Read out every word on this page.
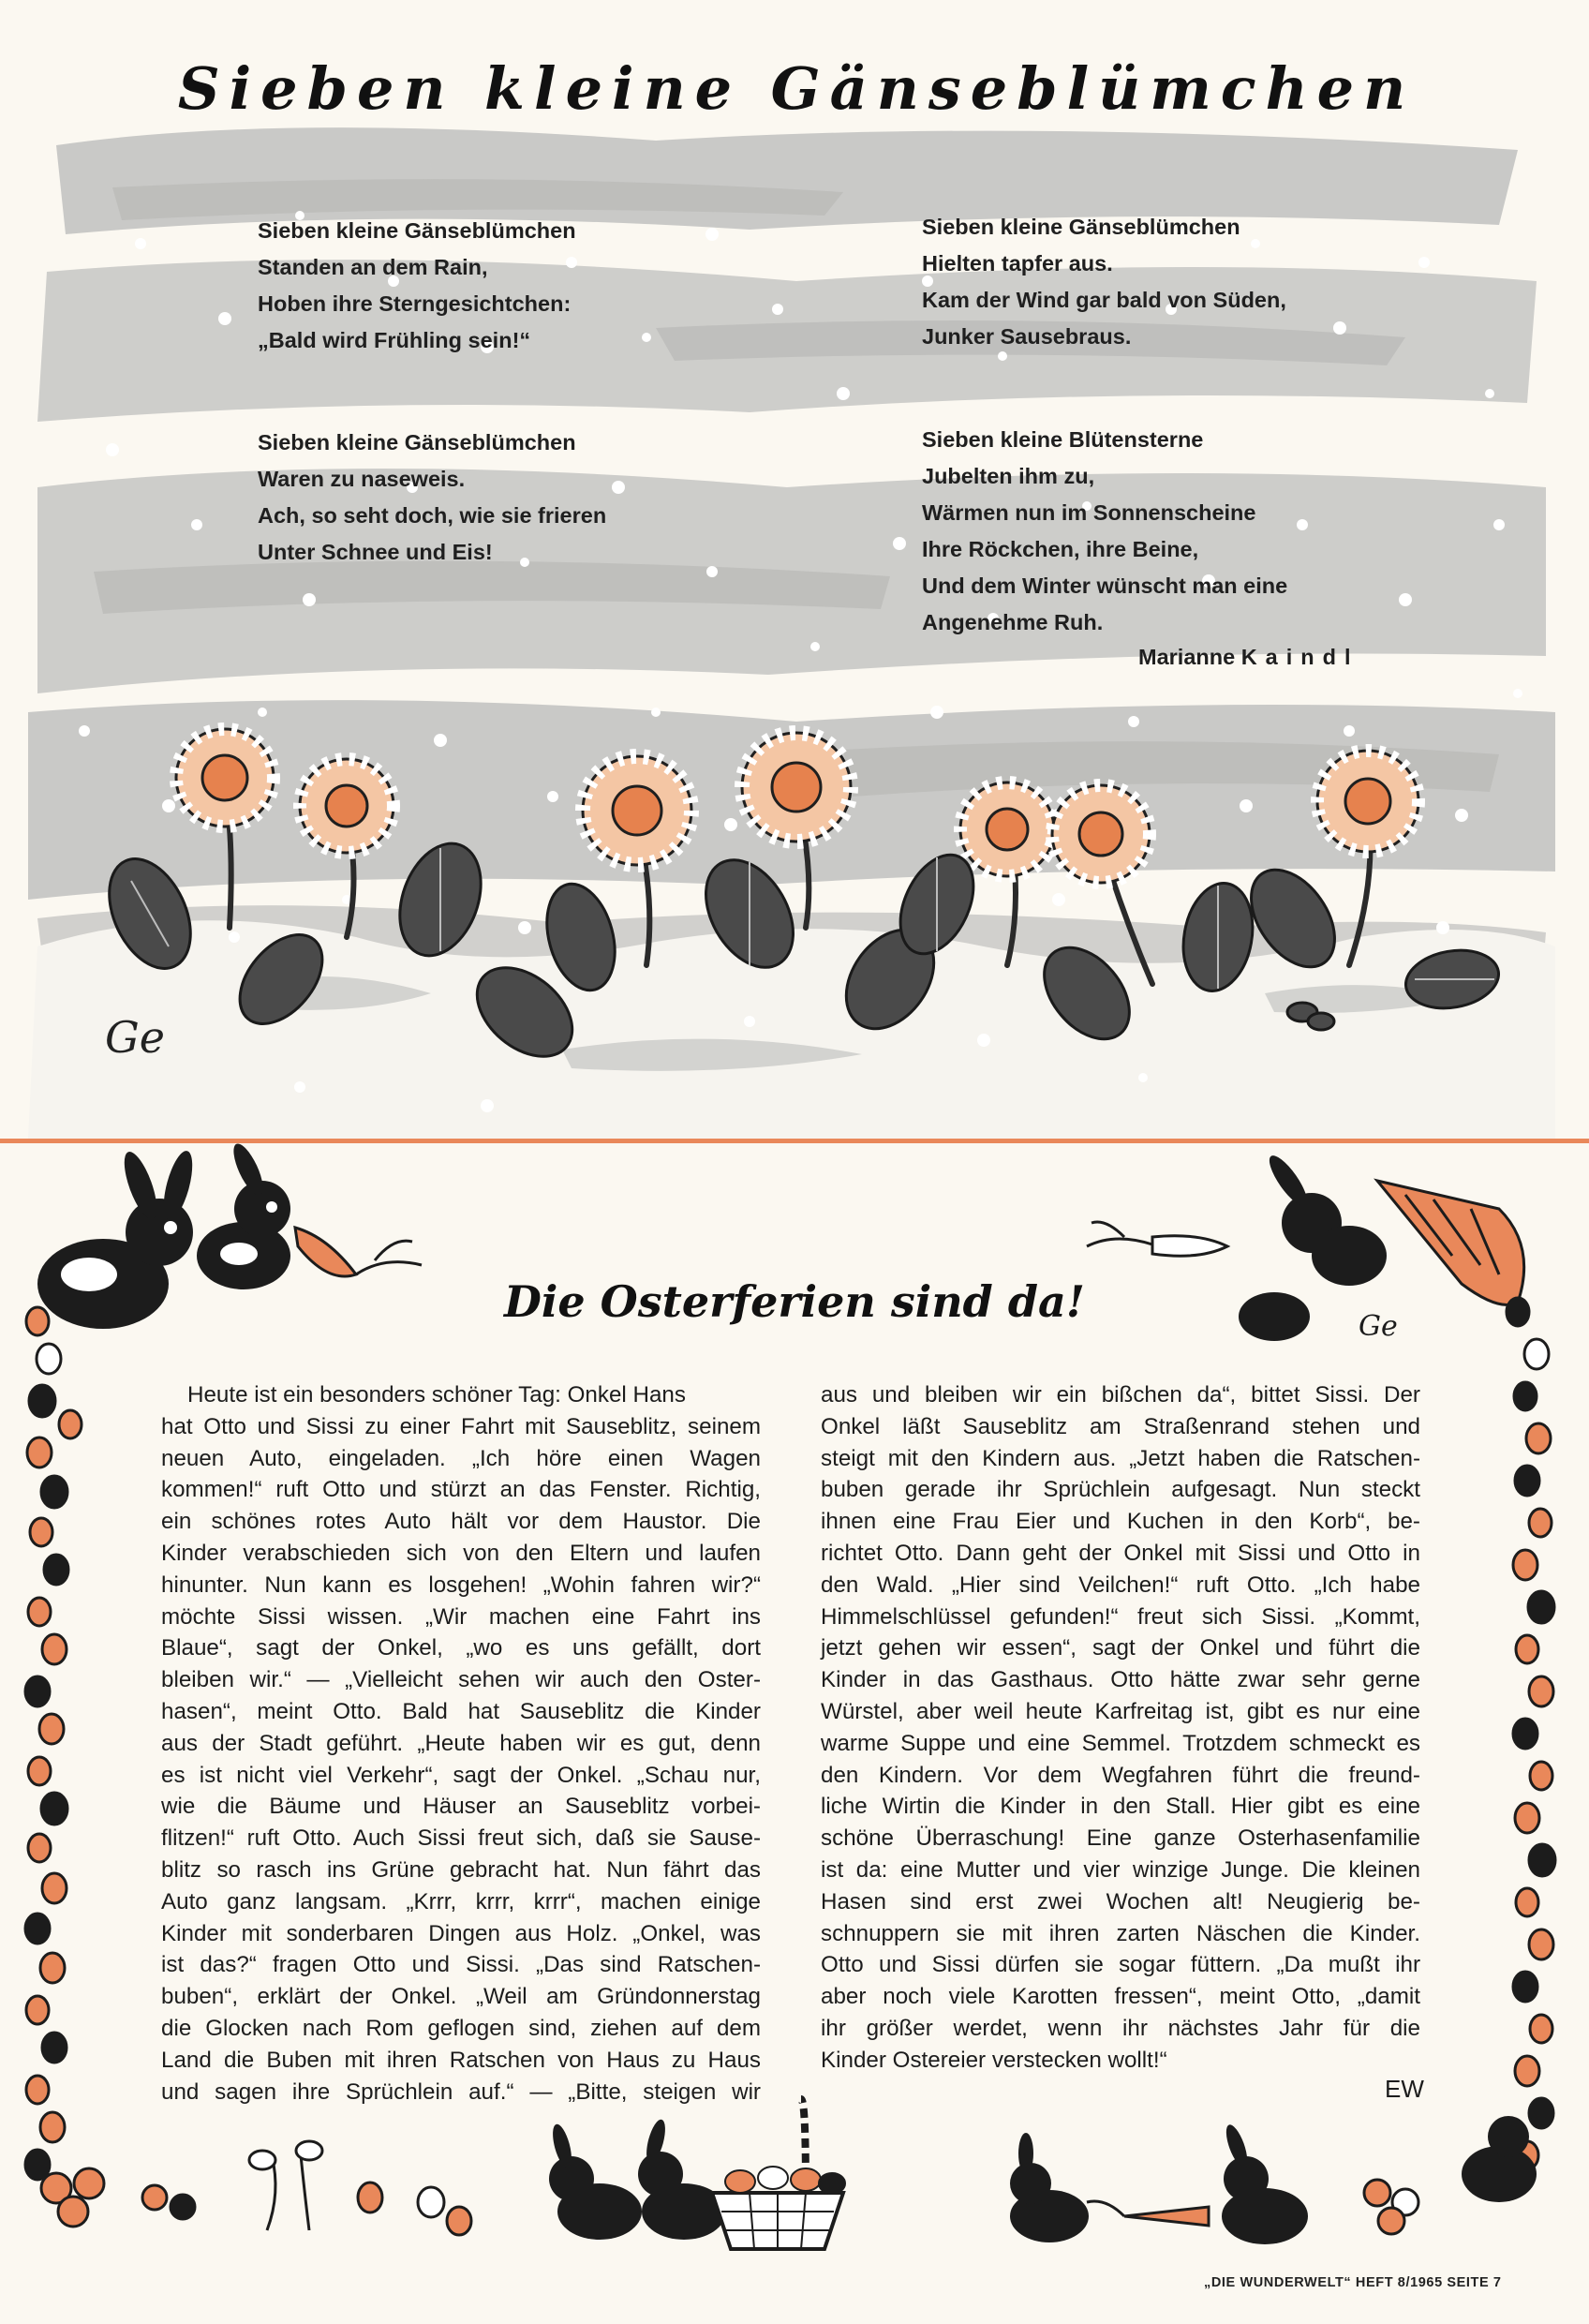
Sieben kleine Gänseblümchen
Sieben kleine Gänseblümchen
Standen an dem Rain,
Hoben ihre Sterngesichtchen:
„Bald wird Frühling sein!“
Sieben kleine Gänseblümchen
Waren zu naseweis.
Ach, so seht doch, wie sie frieren
Unter Schnee und Eis!
Sieben kleine Gänseblümchen
Hielten tapfer aus.
Kam der Wind gar bald von Süden,
Junker Sausebraus.
Sieben kleine Blütensterne
Jubelten ihm zu,
Wärmen nun im Sonnenscheine
Ihre Röckchen, ihre Beine,
Und dem Winter wünscht man eine
Angenehme Ruh.
Marianne Kaindl
Ge
Ge
Die Osterferien sind da!
Heute ist ein besonders schöner Tag: Onkel Hans
hat Otto und Sissi zu einer Fahrt mit Sauseblitz, seinem
neuen Auto, eingeladen. „Ich höre einen Wagen
kommen!“ ruft Otto und stürzt an das Fenster. Richtig,
ein schönes rotes Auto hält vor dem Haustor. Die
Kinder verabschieden sich von den Eltern und laufen
hinunter. Nun kann es losgehen! „Wohin fahren wir?“
möchte Sissi wissen. „Wir machen eine Fahrt ins
Blaue“, sagt der Onkel, „wo es uns gefällt, dort
bleiben wir.“ — „Vielleicht sehen wir auch den Oster-
hasen“, meint Otto. Bald hat Sauseblitz die Kinder
aus der Stadt geführt. „Heute haben wir es gut, denn
es ist nicht viel Verkehr“, sagt der Onkel. „Schau nur,
wie die Bäume und Häuser an Sauseblitz vorbei-
flitzen!“ ruft Otto. Auch Sissi freut sich, daß sie Sause-
blitz so rasch ins Grüne gebracht hat. Nun fährt das
Auto ganz langsam. „Krrr, krrr, krrr“, machen einige
Kinder mit sonderbaren Dingen aus Holz. „Onkel, was
ist das?“ fragen Otto und Sissi. „Das sind Ratschen-
buben“, erklärt der Onkel. „Weil am Gründonnerstag
die Glocken nach Rom geflogen sind, ziehen auf dem
Land die Buben mit ihren Ratschen von Haus zu Haus
und sagen ihre Sprüchlein auf.“ — „Bitte, steigen wir
aus und bleiben wir ein bißchen da“, bittet Sissi. Der
Onkel läßt Sauseblitz am Straßenrand stehen und
steigt mit den Kindern aus. „Jetzt haben die Ratschen-
buben gerade ihr Sprüchlein aufgesagt. Nun steckt
ihnen eine Frau Eier und Kuchen in den Korb“, be-
richtet Otto. Dann geht der Onkel mit Sissi und Otto in
den Wald. „Hier sind Veilchen!“ ruft Otto. „Ich habe
Himmelschlüssel gefunden!“ freut sich Sissi. „Kommt,
jetzt gehen wir essen“, sagt der Onkel und führt die
Kinder in das Gasthaus. Otto hätte zwar sehr gerne
Würstel, aber weil heute Karfreitag ist, gibt es nur eine
warme Suppe und eine Semmel. Trotzdem schmeckt es
den Kindern. Vor dem Wegfahren führt die freund-
liche Wirtin die Kinder in den Stall. Hier gibt es eine
schöne Überraschung! Eine ganze Osterhasenfamilie
ist da: eine Mutter und vier winzige Junge. Die kleinen
Hasen sind erst zwei Wochen alt! Neugierig be-
schnuppern sie mit ihren zarten Näschen die Kinder.
Otto und Sissi dürfen sie sogar füttern. „Da mußt ihr
aber noch viele Karotten fressen“, meint Otto, „damit
ihr größer werdet, wenn ihr nächstes Jahr für die
Kinder Ostereier verstecken wollt!“
EW
„DIE WUNDERWELT“ HEFT 8/1965 SEITE 7
